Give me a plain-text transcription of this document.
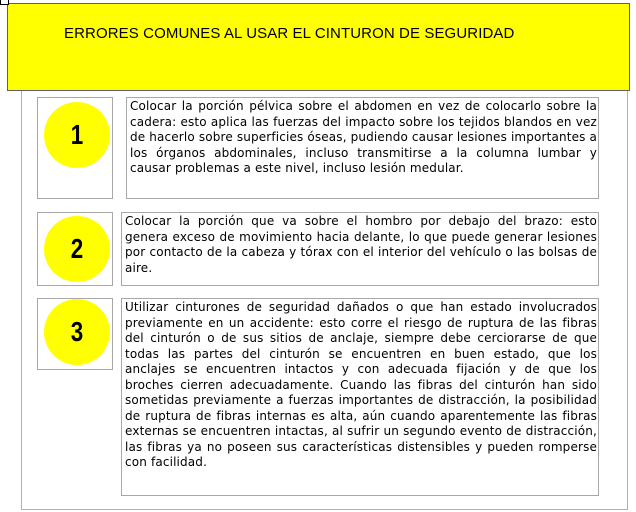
ERRORES COMUNES AL USAR EL CINTURON DE SEGURIDAD
1

Colocar la porción pélvica sobre el abdomen en vez de colocarlo sobre la cadera: esto aplica las fuerzas del impacto sobre los tejidos blandos en vez de hacerlo sobre superficies óseas, pudiendo causar lesiones importantes a los órganos abdominales, incluso transmitirse a la columna lumbar y causar problemas a este nivel, incluso lesión medular.

2

Colocar la porción que va sobre el hombro por debajo del brazo: esto genera exceso de movimiento hacia delante, lo que puede generar lesiones por contacto de la cabeza y tórax con el interior del vehículo o las bolsas de aire.

3

Utilizar cinturones de seguridad dañados o que han estado involucrados previamente en un accidente: esto corre el riesgo de ruptura de las fibras del cinturón o de sus sitios de anclaje, siempre debe cerciorarse de que todas las partes del cinturón se encuentren en buen estado, que los anclajes se encuentren intactos y con adecuada fijación y de que los broches cierren adecuadamente. Cuando las fibras del cinturón han sido sometidas previamente a fuerzas importantes de distracción, la posibilidad de ruptura de fibras internas es alta, aún cuando aparentemente las fibras externas se encuentren intactas, al sufrir un segundo evento de distracción, las fibras ya no poseen sus características distensibles y pueden romperse con facilidad.
